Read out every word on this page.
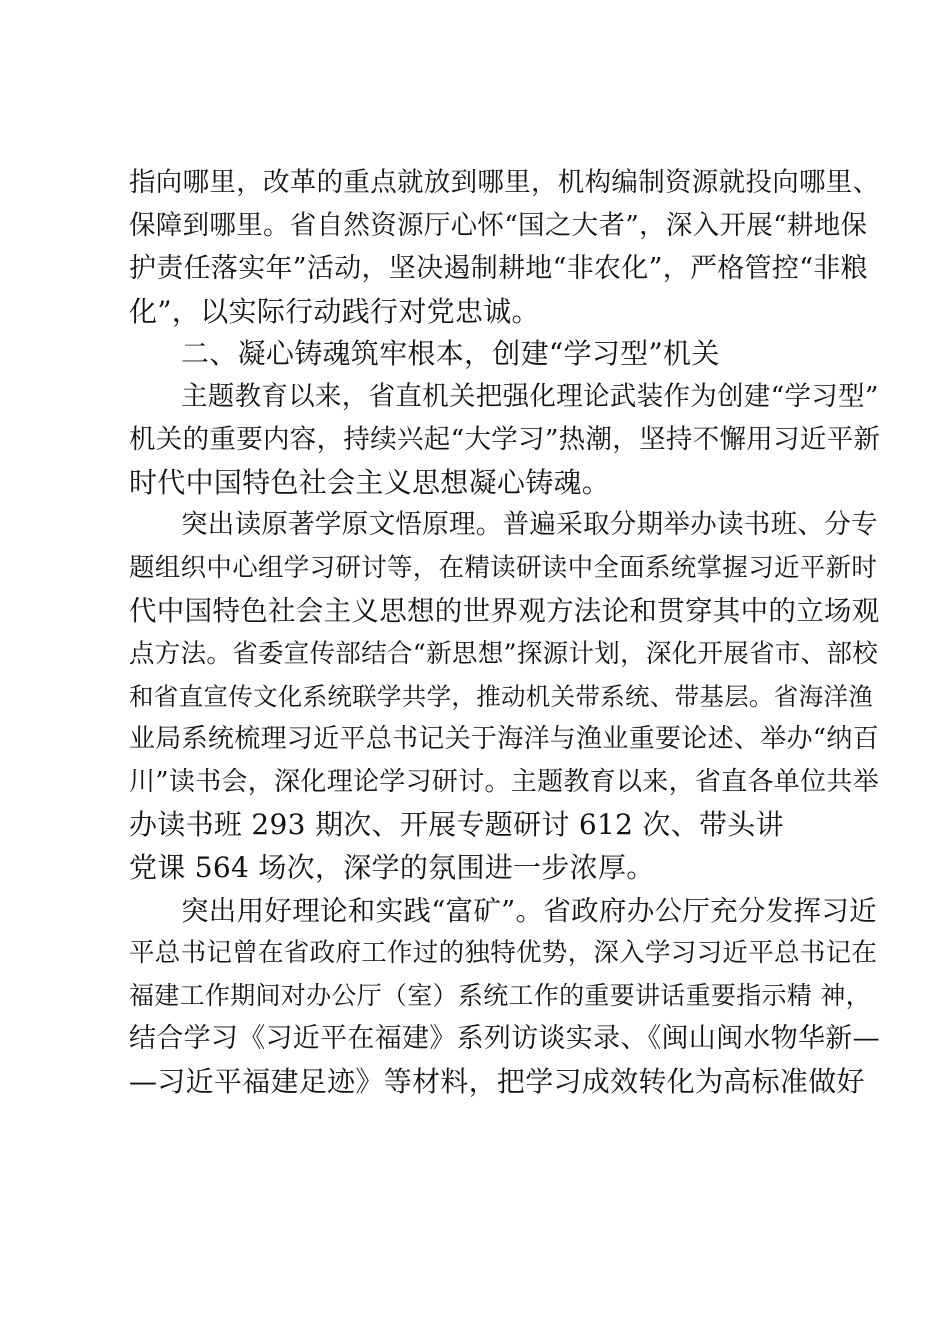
指向哪里，改革的重点就放到哪里，机构编制资源就投向哪里、
保障到哪里。省自然资源厅心怀“国之大者”，深入开展“耕地保
护责任落实年”活动，坚决遏制耕地“非农化”，严格管控“非粮
化”，以实际行动践行对党忠诚。
二、凝心铸魂筑牢根本，创建“学习型”机关
主题教育以来，省直机关把强化理论武装作为创建“学习型”
机关的重要内容，持续兴起“大学习”热潮，坚持不懈用习近平新
时代中国特色社会主义思想凝心铸魂。
突出读原著学原文悟原理。普遍采取分期举办读书班、分专
题组织中心组学习研讨等，在精读研读中全面系统掌握习近平新时
代中国特色社会主义思想的世界观方法论和贯穿其中的立场观
点方法。省委宣传部结合“新思想”探源计划，深化开展省市、部校
和省直宣传文化系统联学共学，推动机关带系统、带基层。省海洋渔
业局系统梳理习近平总书记关于海洋与渔业重要论述、举办“纳百
川”读书会，深化理论学习研讨。主题教育以来，省直各单位共举
办读书班 293 期次、开展专题研讨 612 次、带头讲
党课 564 场次，深学的氛围进一步浓厚。
突出用好理论和实践“富矿”。省政府办公厅充分发挥习近
平总书记曾在省政府工作过的独特优势，深入学习习近平总书记在
福建工作期间对办公厅（室）系统工作的重要讲话重要指示精 神，
结合学习《习近平在福建》系列访谈实录、《闽山闽水物华新—
—习近平福建足迹》等材料，把学习成效转化为高标准做好
